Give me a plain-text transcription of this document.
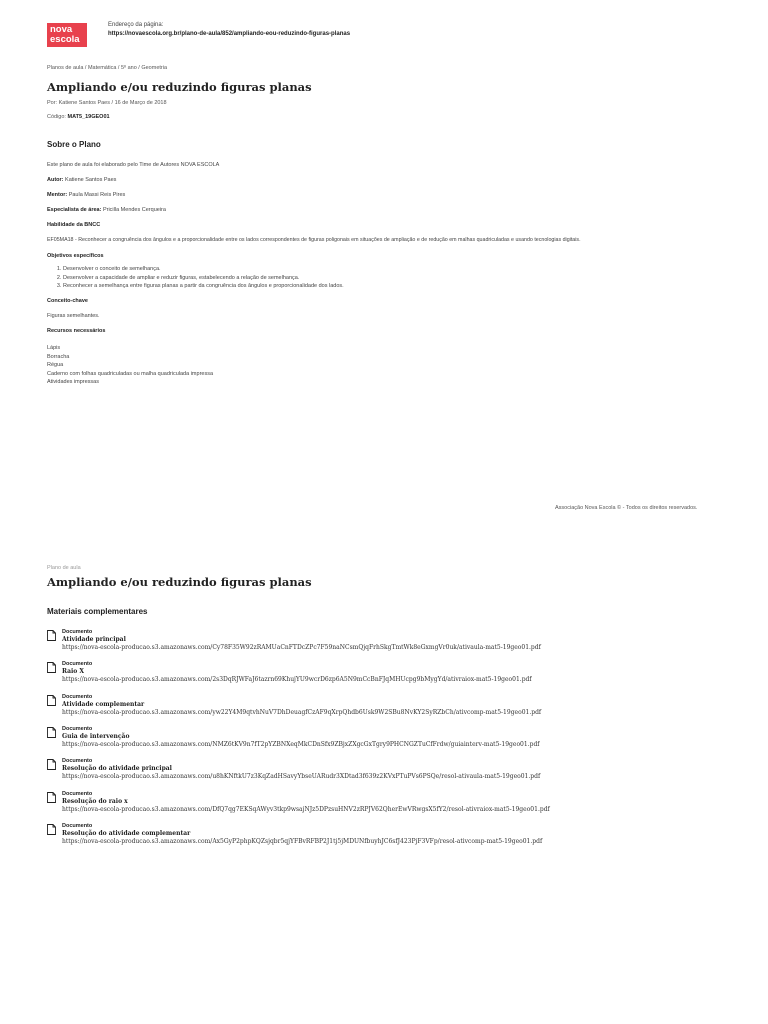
nova
escola
Endereço da página:
https://novaescola.org.br/plano-de-aula/852/ampliando-eou-reduzindo-figuras-planas
Planos de aula / Matemática / 5º ano / Geometria
Ampliando e/ou reduzindo figuras planas
Por: Katiene Santos Paes / 16 de Março de 2018
Código: MAT5_19GEO01
Sobre o Plano
Este plano de aula foi elaborado pelo Time de Autores NOVA ESCOLA
Autor: Katiene Santos Paes
Mentor: Paula Massi Reis Pires
Especialista de área: Pricilla Mendes Cerqueira
Habilidade da BNCC
EF05MA18 - Reconhecer a congruência dos ângulos e a proporcionalidade entre os lados correspondentes de figuras poligonais em situações de ampliação e de redução em malhas quadriculadas e usando tecnologias digitais.
Objetivos específicos
1. Desenvolver o conceito de semelhança.
2. Desenvolver a capacidade de ampliar e reduzir figuras, estabelecendo a relação de semelhança.
3. Reconhecer a semelhança entre figuras planas a partir da congruência dos ângulos e proporcionalidade dos lados.
Conceito-chave
Figuras semelhantes.
Recursos necessários
Lápis
Borracha
Régua
Caderno com folhas quadriculadas ou malha quadriculada impressa
Atividades impressas
Associação Nova Escola © - Todos os direitos reservados.
Plano de aula
Ampliando e/ou reduzindo figuras planas
Materiais complementares
Documento
Atividade principal
https://nova-escola-producao.s3.amazonaws.com/Cy78F35W92zRAMUaCnFTDcZPc7F59naNCsmQjqFrhSkgTmtWk8eGxmgVr0uk/ativaula-mat5-19geo01.pdf
Documento
Raio X
https://nova-escola-producao.s3.amazonaws.com/2s3DqRJWFaJ6tazrn69KhujYU9wcrD6zp6A5N9mCcBnFJqMHUcpg9bMygYd/ativraiox-mat5-19geo01.pdf
Documento
Atividade complementar
https://nova-escola-producao.s3.amazonaws.com/yw22Y4M9qtvhNuV7DhDeuagfCzAF9qXrpQhdb6Usk9W2SBu8NvKY2SyRZbCh/ativcomp-mat5-19geo01.pdf
Documento
Guia de intervenção
https://nova-escola-producao.s3.amazonaws.com/NMZ6tKV9n7fT2pYZBNXeqMkCDnSfx9ZBjxZXgcGxTgry9PHCNGZTuCfFrdw/guiainterv-mat5-19geo01.pdf
Documento
Resolução do atividade principal
https://nova-escola-producao.s3.amazonaws.com/u8hKNftkU7z3KqZadHSavyYbseUARudr3XDtad3f639z2KVxPTuPVs6PSQe/resol-ativaula-mat5-19geo01.pdf
Documento
Resolução do raio x
https://nova-escola-producao.s3.amazonaws.com/DfQ7qg7EKSqAWyv3tkp9wsajNJz5DPzsuHNV2zRPJV62QherEwVRwgsX5fY2/resol-ativraiox-mat5-19geo01.pdf
Documento
Resolução do atividade complementar
https://nova-escola-producao.s3.amazonaws.com/Ax5GyP2phpKQZsjqbr5qjYFBvRFBP2J1tj5jMDUNfbuyhJC6sfJ423PjF3VFp/resol-ativcomp-mat5-19geo01.pdf
